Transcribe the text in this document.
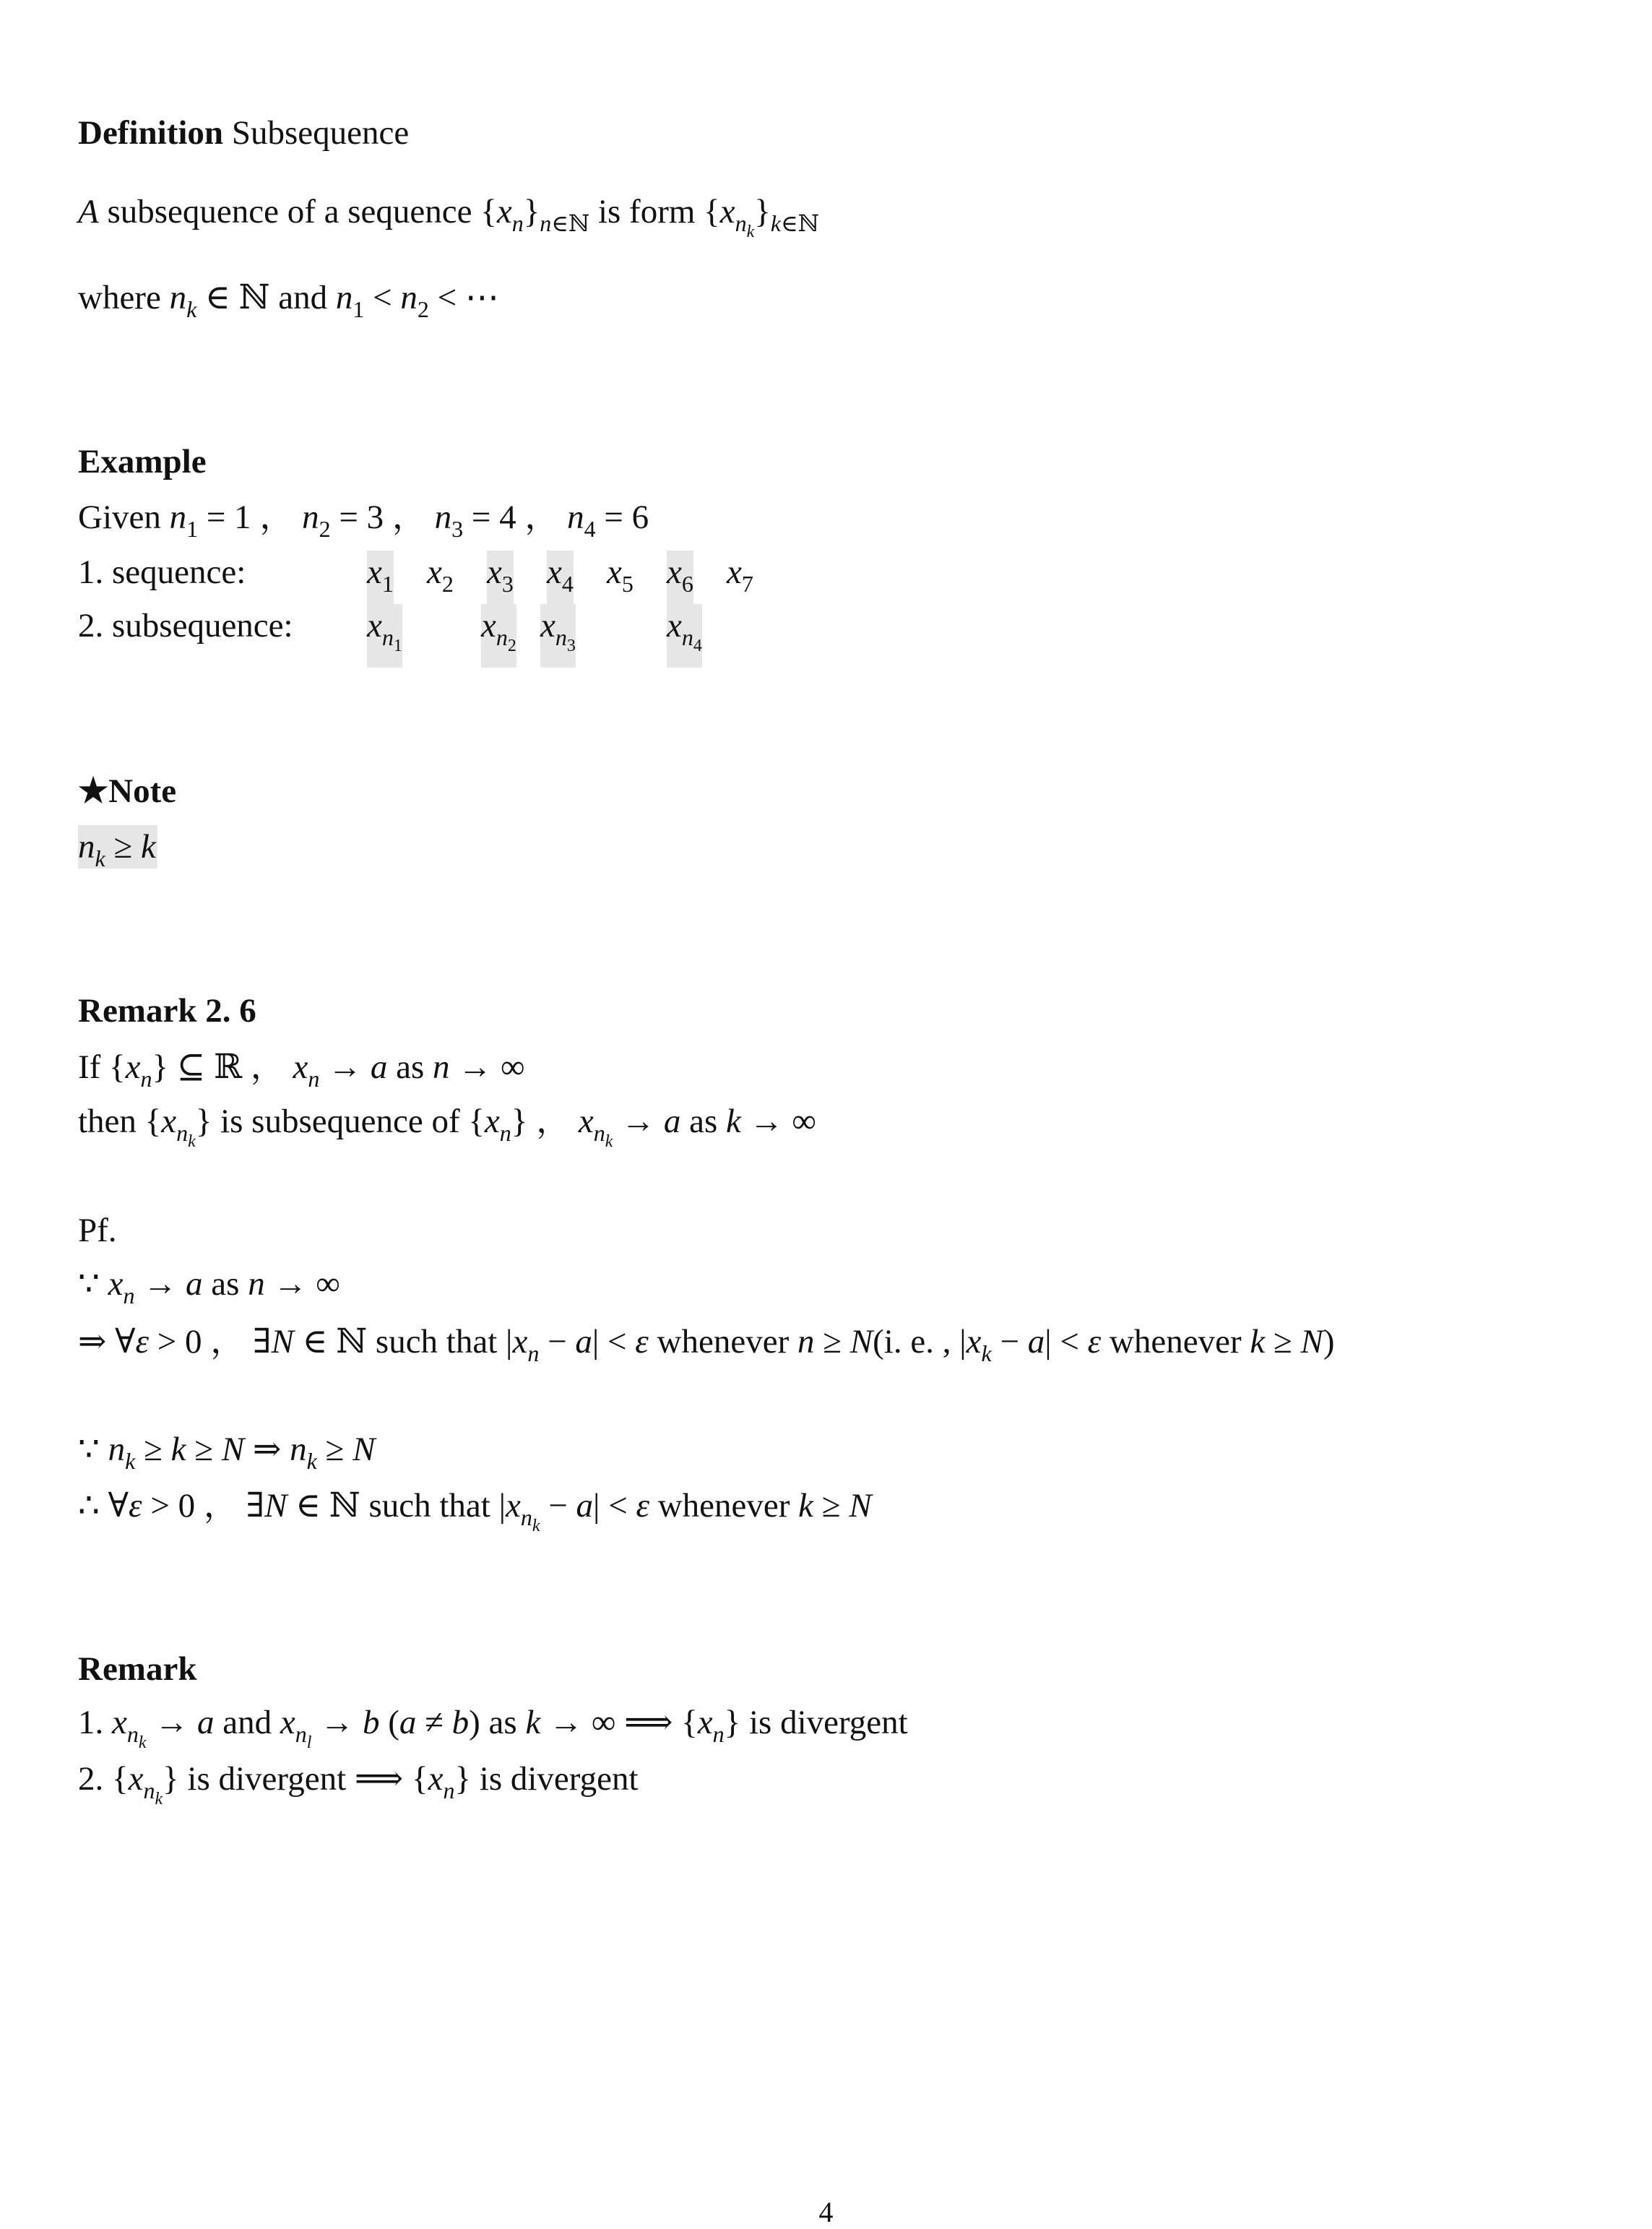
Definition Subsequence
A subsequence of a sequence $\{x_n\}_{n\in ℕ}$ is form $\{x_{n_k}\}_{k\in ℕ}$
where $n_k$ ∈ ℕ and $n_1 < n_2$ < ⋯
Example
Given $n_1 = 1$ ， $n_2 = 3$ ， $n_3 = 4$ ， $n_4 = 6$
1. sequence:	$x_1$ $x_2$ $x_3$ $x_4$ $x_5$ $x_6$ $x_7$
2. subsequence: $x_{n_1}$
$x_{n_2}$
$x_{n_3}$
$x_{n_4}$
★Note
$n_k \ge k$
Remark 2. 6
If $\{x_n\}$ ⊆ ℝ ， $x_n \to a$ as n → ∞
then $\{x_{n_k}\}$ is subsequence of $\{x_n\}$ ， $x_{n_k} \to a$ as k → ∞
Pf.
∵ $x_n \to a$ as n → ∞
⇒ ∀ε > 0 ， ∃N ∈ ℕ such that $|x_n - a| < \varepsilon$ whenever n ≥ N(i. e. , $|x_k - a| < \varepsilon$ whenever k ≥ N)
∵ $n_k \ge k \ge N$ ⇒ $n_k \ge N$
∴ ∀ε > 0 ， ∃N ∈ ℕ such that $|x_{n_k} - a| < \varepsilon$ whenever k ≥ N
Remark
1. $x_{n_k} \to a$ and $x_{n_l} \to b$ (a ≠ b) as k → ∞ ⟹ $\{x_n\}$ is divergent
2. $\{x_{n_k}\}$ is divergent ⟹ $\{x_n\}$ is divergent
4
